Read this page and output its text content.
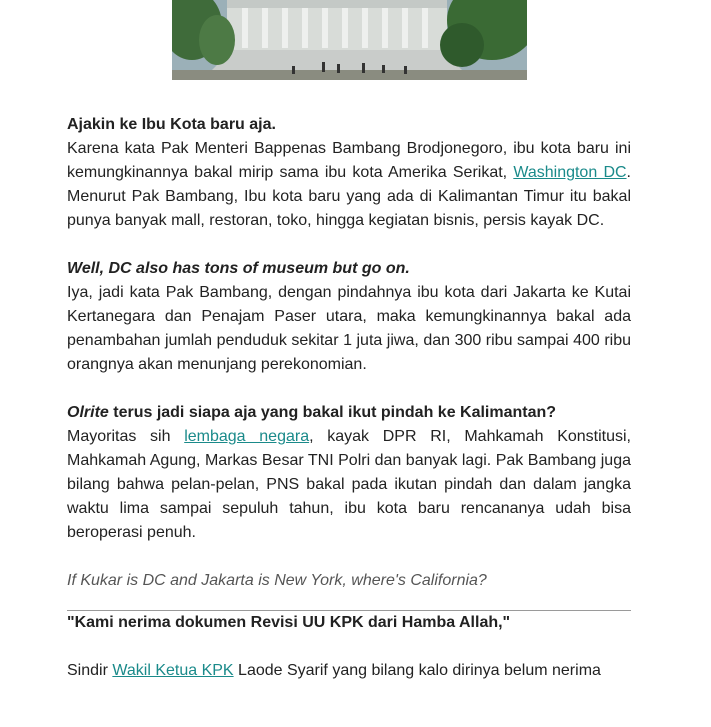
Ajakin ke Ibu Kota baru aja.

Karena kata Pak Menteri Bappenas Bambang Brodjonegoro, ibu kota baru ini kemungkinannya bakal mirip sama ibu kota Amerika Serikat, Washington DC. Menurut Pak Bambang, Ibu kota baru yang ada di Kalimantan Timur itu bakal punya banyak mall, restoran, toko, hingga kegiatan bisnis, persis kayak DC.

Well, DC also has tons of museum but go on.

Iya, jadi kata Pak Bambang, dengan pindahnya ibu kota dari Jakarta ke Kutai Kertanegara dan Penajam Paser utara, maka kemungkinannya bakal ada penambahan jumlah penduduk sekitar 1 juta jiwa, dan 300 ribu sampai 400 ribu orangnya akan menunjang perekonomian.

Olrite terus jadi siapa aja yang bakal ikut pindah ke Kalimantan?

Mayoritas sih lembaga negara, kayak DPR RI, Mahkamah Konstitusi, Mahkamah Agung, Markas Besar TNI Polri dan banyak lagi. Pak Bambang juga bilang bahwa pelan-pelan, PNS bakal pada ikutan pindah dan dalam jangka waktu lima sampai sepuluh tahun, ibu kota baru rencananya udah bisa beroperasi penuh.

If Kukar is DC and Jakarta is New York, where's California?

"Kami nerima dokumen Revisi UU KPK dari Hamba Allah,"

Sindir Wakil Ketua KPK Laode Syarif yang bilang kalo dirinya belum nerima
